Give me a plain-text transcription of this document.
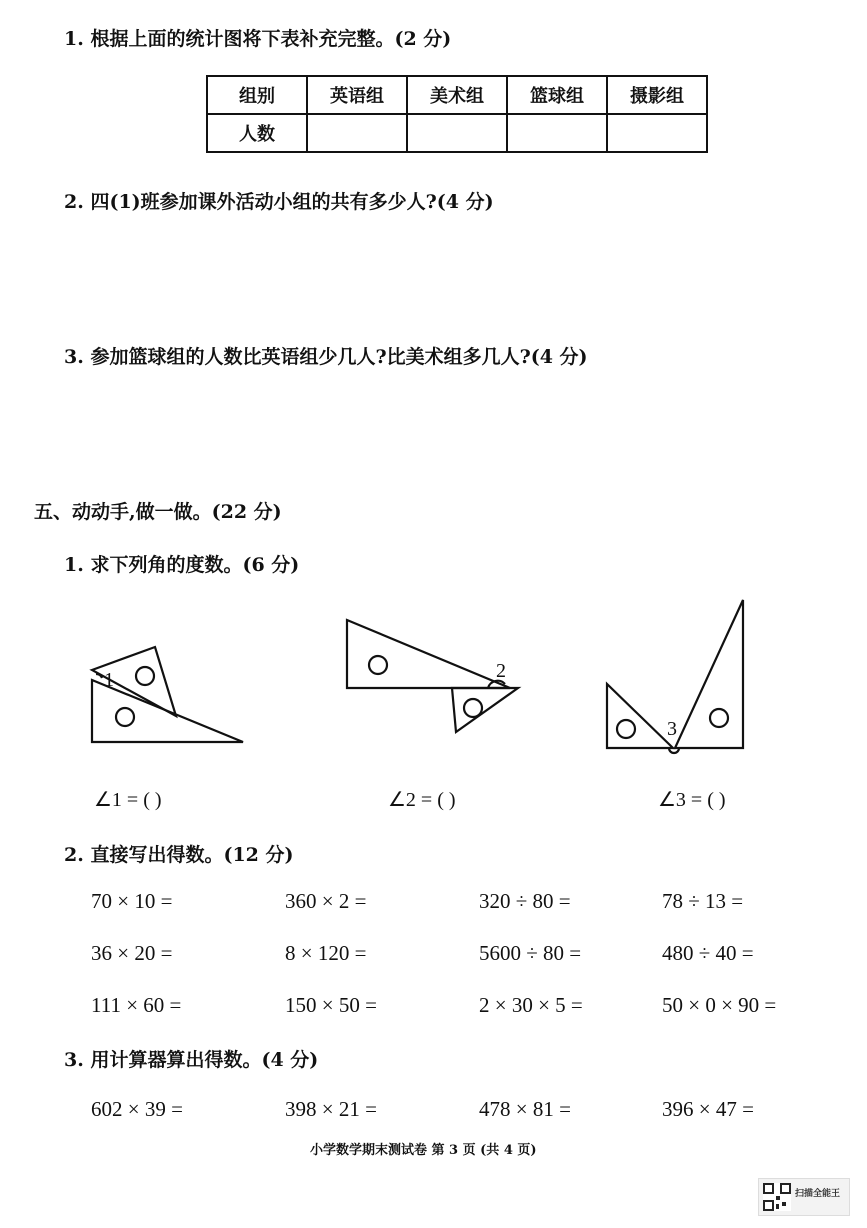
1. 根据上面的统计图将下表补充完整。(2 分)
组别	英语组	美术组	篮球组	摄影组
人数				
2. 四(1)班参加课外活动小组的共有多少人?(4 分)
3. 参加篮球组的人数比英语组少几人?比美术组多几人?(4 分)
五、动动手,做一做。(22 分)
1. 求下列角的度数。(6 分)
1	2
3
∠1 = ( )	∠2 = ( )	∠3 = ( )
2. 直接写出得数。(12 分)
70 × 10 =	360 × 2 =	320 ÷ 80 =	78 ÷ 13 =
36 × 20 =	8 × 120 =	5600 ÷ 80 =	480 ÷ 40 =
111 × 60 =	150 × 50 =	2 × 30 × 5 =	50 × 0 × 90 =
3. 用计算器算出得数。(4 分)
602 × 39 =	398 × 21 =	478 × 81 =	396 × 47 =
小学数学期末测试卷 第 3 页 (共 4 页)
扫描全能王
